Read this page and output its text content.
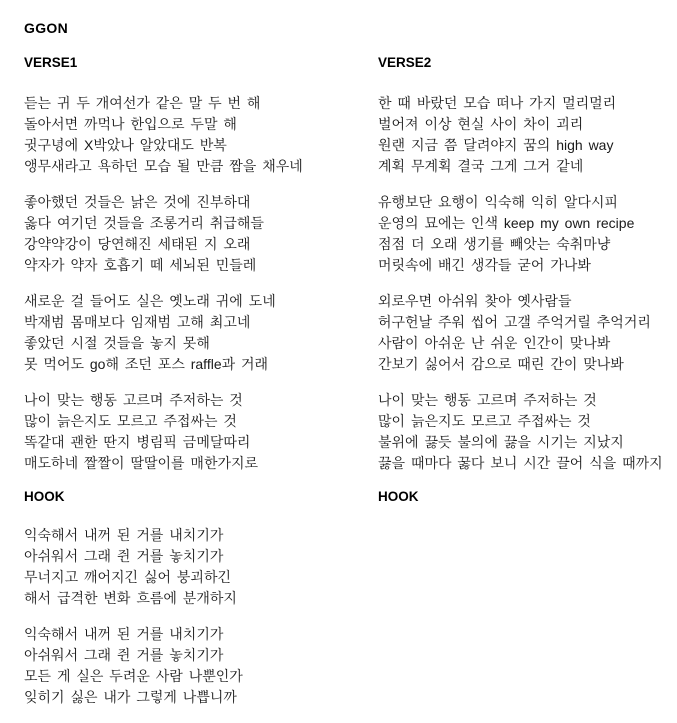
GGON
VERSE1
듣는 귀 두 개여선가 같은 말 두 번 해
돌아서면 까먹나 한입으로 두말 해
귓구녕에 X박았나 알았대도 반복
앵무새라고 욕하던 모습 될 만큼 짬을 채우네
좋아했던 것들은 낡은 것에 진부하대
옳다 여기던 것들을 조롱거리 취급해들
강약약강이 당연해진 세태된 지 오래
약자가 약자 호흡기 떼 세뇌된 민들레
새로운 걸 들어도 실은 옛노래 귀에 도네
박재범 몸매보다 임재범 고해 최고네
좋았던 시절 것들을 놓지 못해
못 먹어도 go해 조던 포스 raffle과 거래
나이 맞는 행동 고르며 주저하는 것
많이 늙은지도 모르고 주접싸는 것
똑같대 괜한 딴지 병림픽 금메달따리
매도하네 짤짤이 딸딸이를 매한가지로
HOOK
익숙해서 내꺼 된 거를 내치기가
아쉬워서 그래 쥔 거를 놓치기가
무너지고 깨어지긴 싫어 붕괴하긴
해서 급격한 변화 흐름에 분개하지
익숙해서 내꺼 된 거를 내치기가
아쉬워서 그래 쥔 거를 놓치기가
모든 게 실은 두려운 사람 나뿐인가
잊히기 싫은 내가 그렇게 나쁩니까
VERSE2
한 때 바랐던 모습 떠나 가지 멀리멀리
벌어져 이상 현실 사이 차이 괴리
원랜 지금 쯤 달려야지 꿈의 high way
계획 무계획 결국 그게 그거 같네
유행보단 요행이 익숙해 익히 알다시피
운영의 묘에는 인색 keep my own recipe
점점 더 오래 생기를 빼앗는 숙취마냥
머릿속에 배긴 생각들 굳어 가나봐
외로우면 아쉬워 찾아 옛사람들
허구헌날 주워 씹어 고갤 주억거릴 추억거리
사람이 아쉬운 난 쉬운 인간이 맞나봐
간보기 싫어서 감으로 때린 간이 맞나봐
나이 맞는 행동 고르며 주저하는 것
많이 늙은지도 모르고 주접싸는 것
불위에 끓듯 불의에 끓을 시기는 지났지
끓을 때마다 꿇다 보니 시간 끌어 식을 때까지
HOOK
